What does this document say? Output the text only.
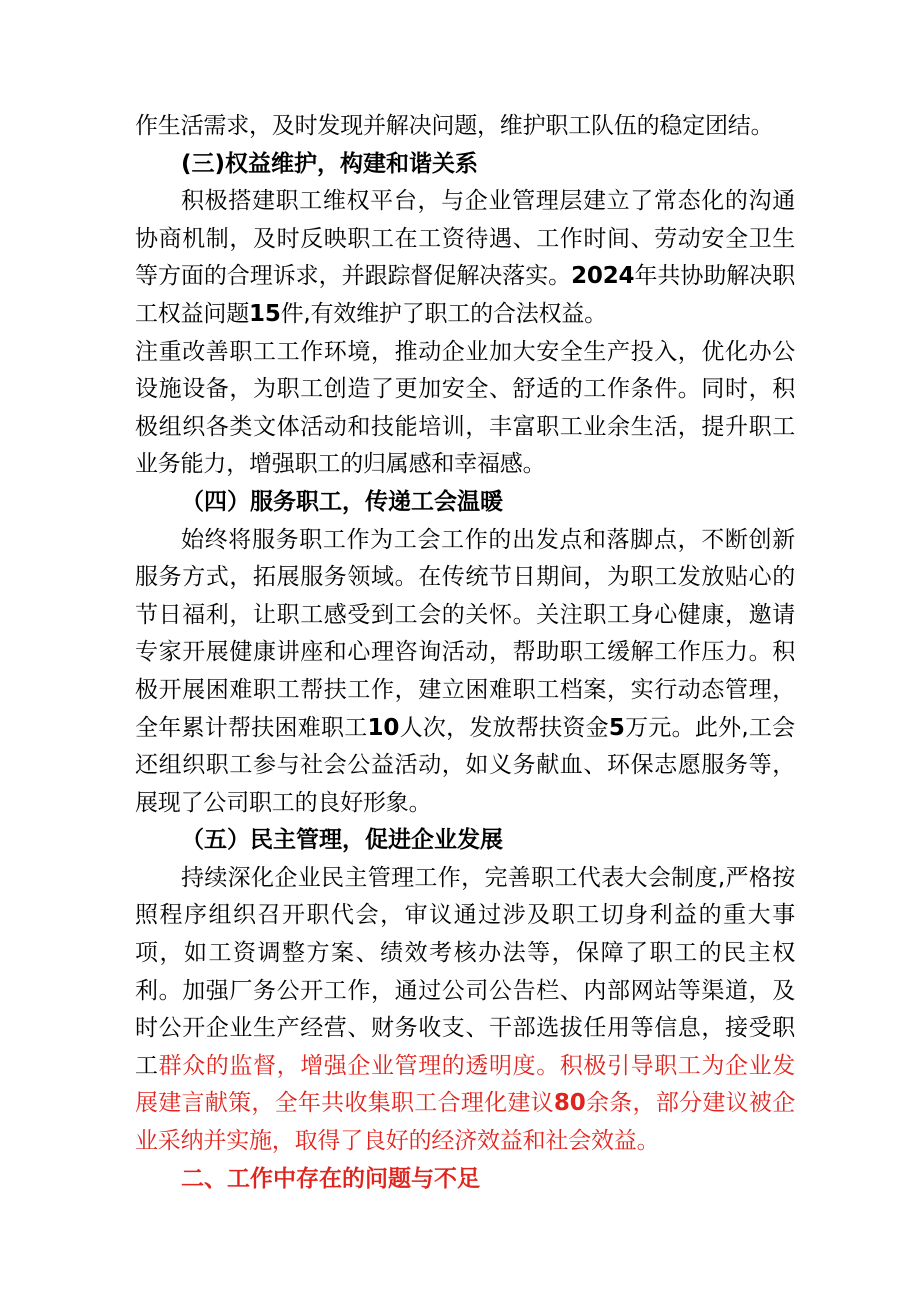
作生活需求，及时发现并解决问题，维护职工队伍的稳定团结。

(三)权益维护，构建和谐关系

积极搭建职工维权平台，与企业管理层建立了常态化的沟通协商机制，及时反映职工在工资待遇、工作时间、劳动安全卫生等方面的合理诉求，并跟踪督促解决落实。2024年共协助解决职工权益问题15件,有效维护了职工的合法权益。

注重改善职工工作环境，推动企业加大安全生产投入，优化办公设施设备，为职工创造了更加安全、舒适的工作条件。同时，积极组织各类文体活动和技能培训，丰富职工业余生活，提升职工业务能力，增强职工的归属感和幸福感。

（四）服务职工，传递工会温暖

始终将服务职工作为工会工作的出发点和落脚点，不断创新服务方式，拓展服务领域。在传统节日期间，为职工发放贴心的节日福利，让职工感受到工会的关怀。关注职工身心健康，邀请专家开展健康讲座和心理咨询活动，帮助职工缓解工作压力。积极开展困难职工帮扶工作，建立困难职工档案，实行动态管理，全年累计帮扶困难职工10人次，发放帮扶资金5万元。此外,工会还组织职工参与社会公益活动，如义务献血、环保志愿服务等，展现了公司职工的良好形象。

（五）民主管理，促进企业发展

持续深化企业民主管理工作，完善职工代表大会制度,严格按照程序组织召开职代会，审议通过涉及职工切身利益的重大事项，如工资调整方案、绩效考核办法等，保障了职工的民主权利。加强厂务公开工作，通过公司公告栏、内部网站等渠道，及时公开企业生产经营、财务收支、干部选拔任用等信息，接受职工群众的监督，增强企业管理的透明度。积极引导职工为企业发展建言献策，全年共收集职工合理化建议80余条，部分建议被企业采纳并实施，取得了良好的经济效益和社会效益。

二、工作中存在的问题与不足
